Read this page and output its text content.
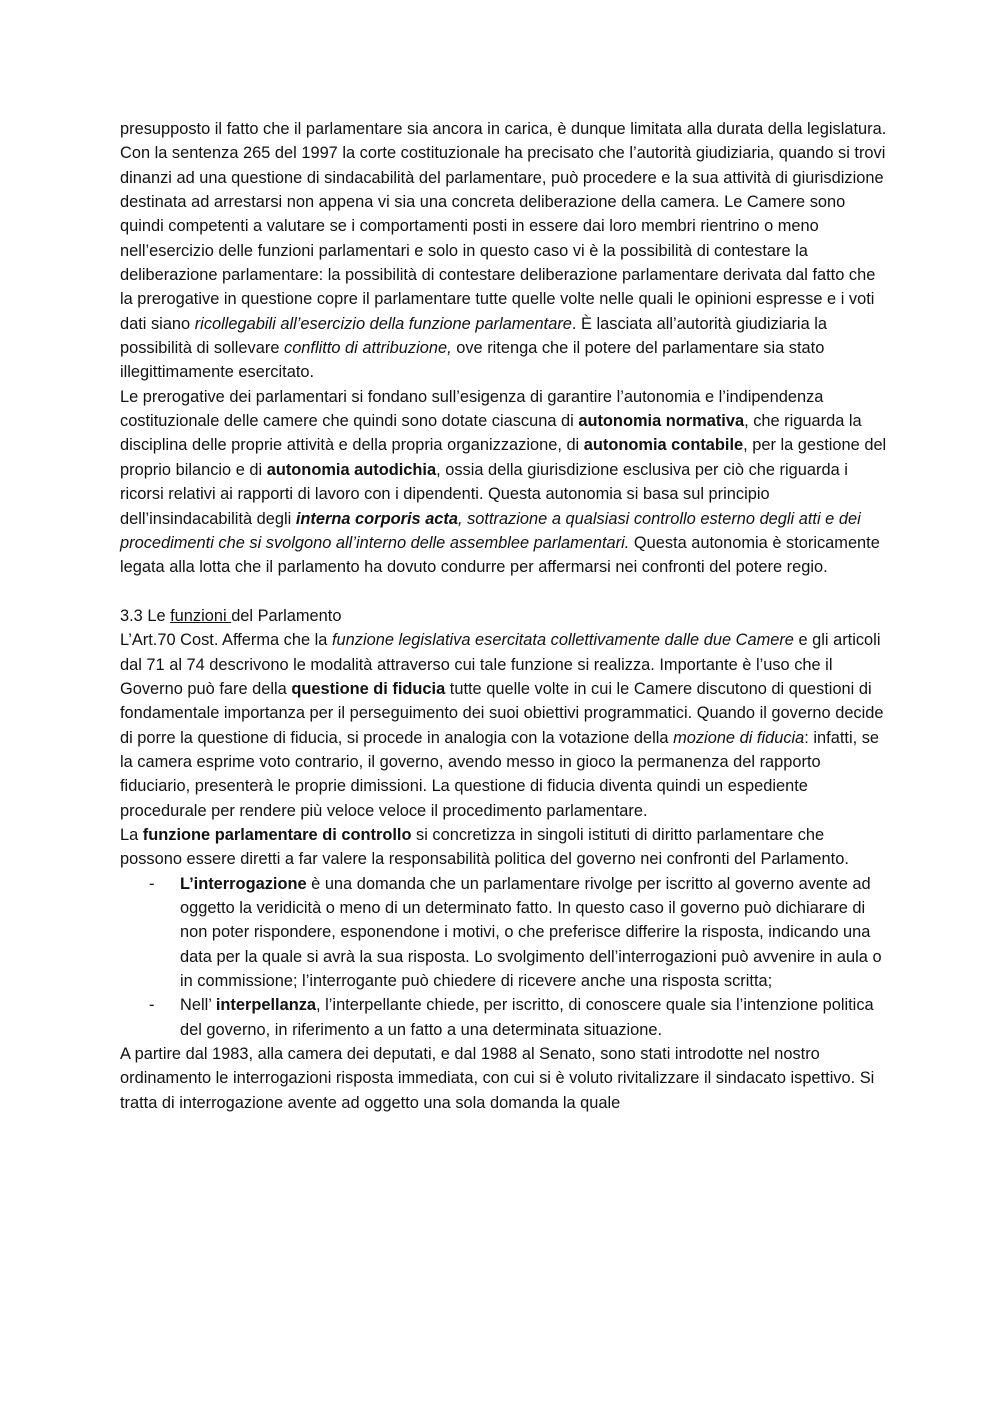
presupposto il fatto che il parlamentare sia ancora in carica, è dunque limitata alla durata della legislatura.

Con la sentenza 265 del 1997 la corte costituzionale ha precisato che l’autorità giudiziaria, quando si trovi dinanzi ad una questione di sindacabilità del parlamentare, può procedere e la sua attività di giurisdizione destinata ad arrestarsi non appena vi sia una concreta deliberazione della camera. Le Camere sono quindi competenti a valutare se i comportamenti posti in essere dai loro membri rientrino o meno nell’esercizio delle funzioni parlamentari e solo in questo caso vi è la possibilità di contestare la deliberazione parlamentare: la possibilità di contestare deliberazione parlamentare derivata dal fatto che la prerogative in questione copre il parlamentare tutte quelle volte nelle quali le opinioni espresse e i voti dati siano ricollegabili all’esercizio della funzione parlamentare. È lasciata all’autorità giudiziaria la possibilità di sollevare conflitto di attribuzione, ove ritenga che il potere del parlamentare sia stato illegittimamente esercitato.

Le prerogative dei parlamentari si fondano sull’esigenza di garantire l’autonomia e l’indipendenza costituzionale delle camere che quindi sono dotate ciascuna di autonomia normativa, che riguarda la disciplina delle proprie attività e della propria organizzazione, di autonomia contabile, per la gestione del proprio bilancio e di autonomia autodichia, ossia della giurisdizione esclusiva per ciò che riguarda i ricorsi relativi ai rapporti di lavoro con i dipendenti. Questa autonomia si basa sul principio dell’insindacabilità degli interna corporis acta, sottrazione a qualsiasi controllo esterno degli atti e dei procedimenti che si svolgono all’interno delle assemblee parlamentari. Questa autonomia è storicamente legata alla lotta che il parlamento ha dovuto condurre per affermarsi nei confronti del potere regio.

3.3 Le funzioni del Parlamento

L’Art.70 Cost. Afferma che la funzione legislativa esercitata collettivamente dalle due Camere e gli articoli dal 71 al 74 descrivono le modalità attraverso cui tale funzione si realizza. Importante è l’uso che il Governo può fare della questione di fiducia tutte quelle volte in cui le Camere discutono di questioni di fondamentale importanza per il perseguimento dei suoi obiettivi programmatici. Quando il governo decide di porre la questione di fiducia, si procede in analogia con la votazione della mozione di fiducia: infatti, se la camera esprime voto contrario, il governo, avendo messo in gioco la permanenza del rapporto fiduciario, presenterà le proprie dimissioni. La questione di fiducia diventa quindi un espediente procedurale per rendere più veloce veloce il procedimento parlamentare.

La funzione parlamentare di controllo si concretizza in singoli istituti di diritto parlamentare che possono essere diretti a far valere la responsabilità politica del governo nei confronti del Parlamento.

- L’interrogazione è una domanda che un parlamentare rivolge per iscritto al governo avente ad oggetto la veridicità o meno di un determinato fatto. In questo caso il governo può dichiarare di non poter rispondere, esponendone i motivi, o che preferisce differire la risposta, indicando una data per la quale si avrà la sua risposta. Lo svolgimento dell’interrogazioni può avvenire in aula o in commissione; l’interrogante può chiedere di ricevere anche una risposta scritta;
- Nell’ interpellanza, l’interpellante chiede, per iscritto, di conoscere quale sia l’intenzione politica del governo, in riferimento a un fatto a una determinata situazione.

A partire dal 1983, alla camera dei deputati, e dal 1988 al Senato, sono stati introdotte nel nostro ordinamento le interrogazioni risposta immediata, con cui si è voluto rivitalizzare il sindacato ispettivo. Si tratta di interrogazione avente ad oggetto una sola domanda la quale
